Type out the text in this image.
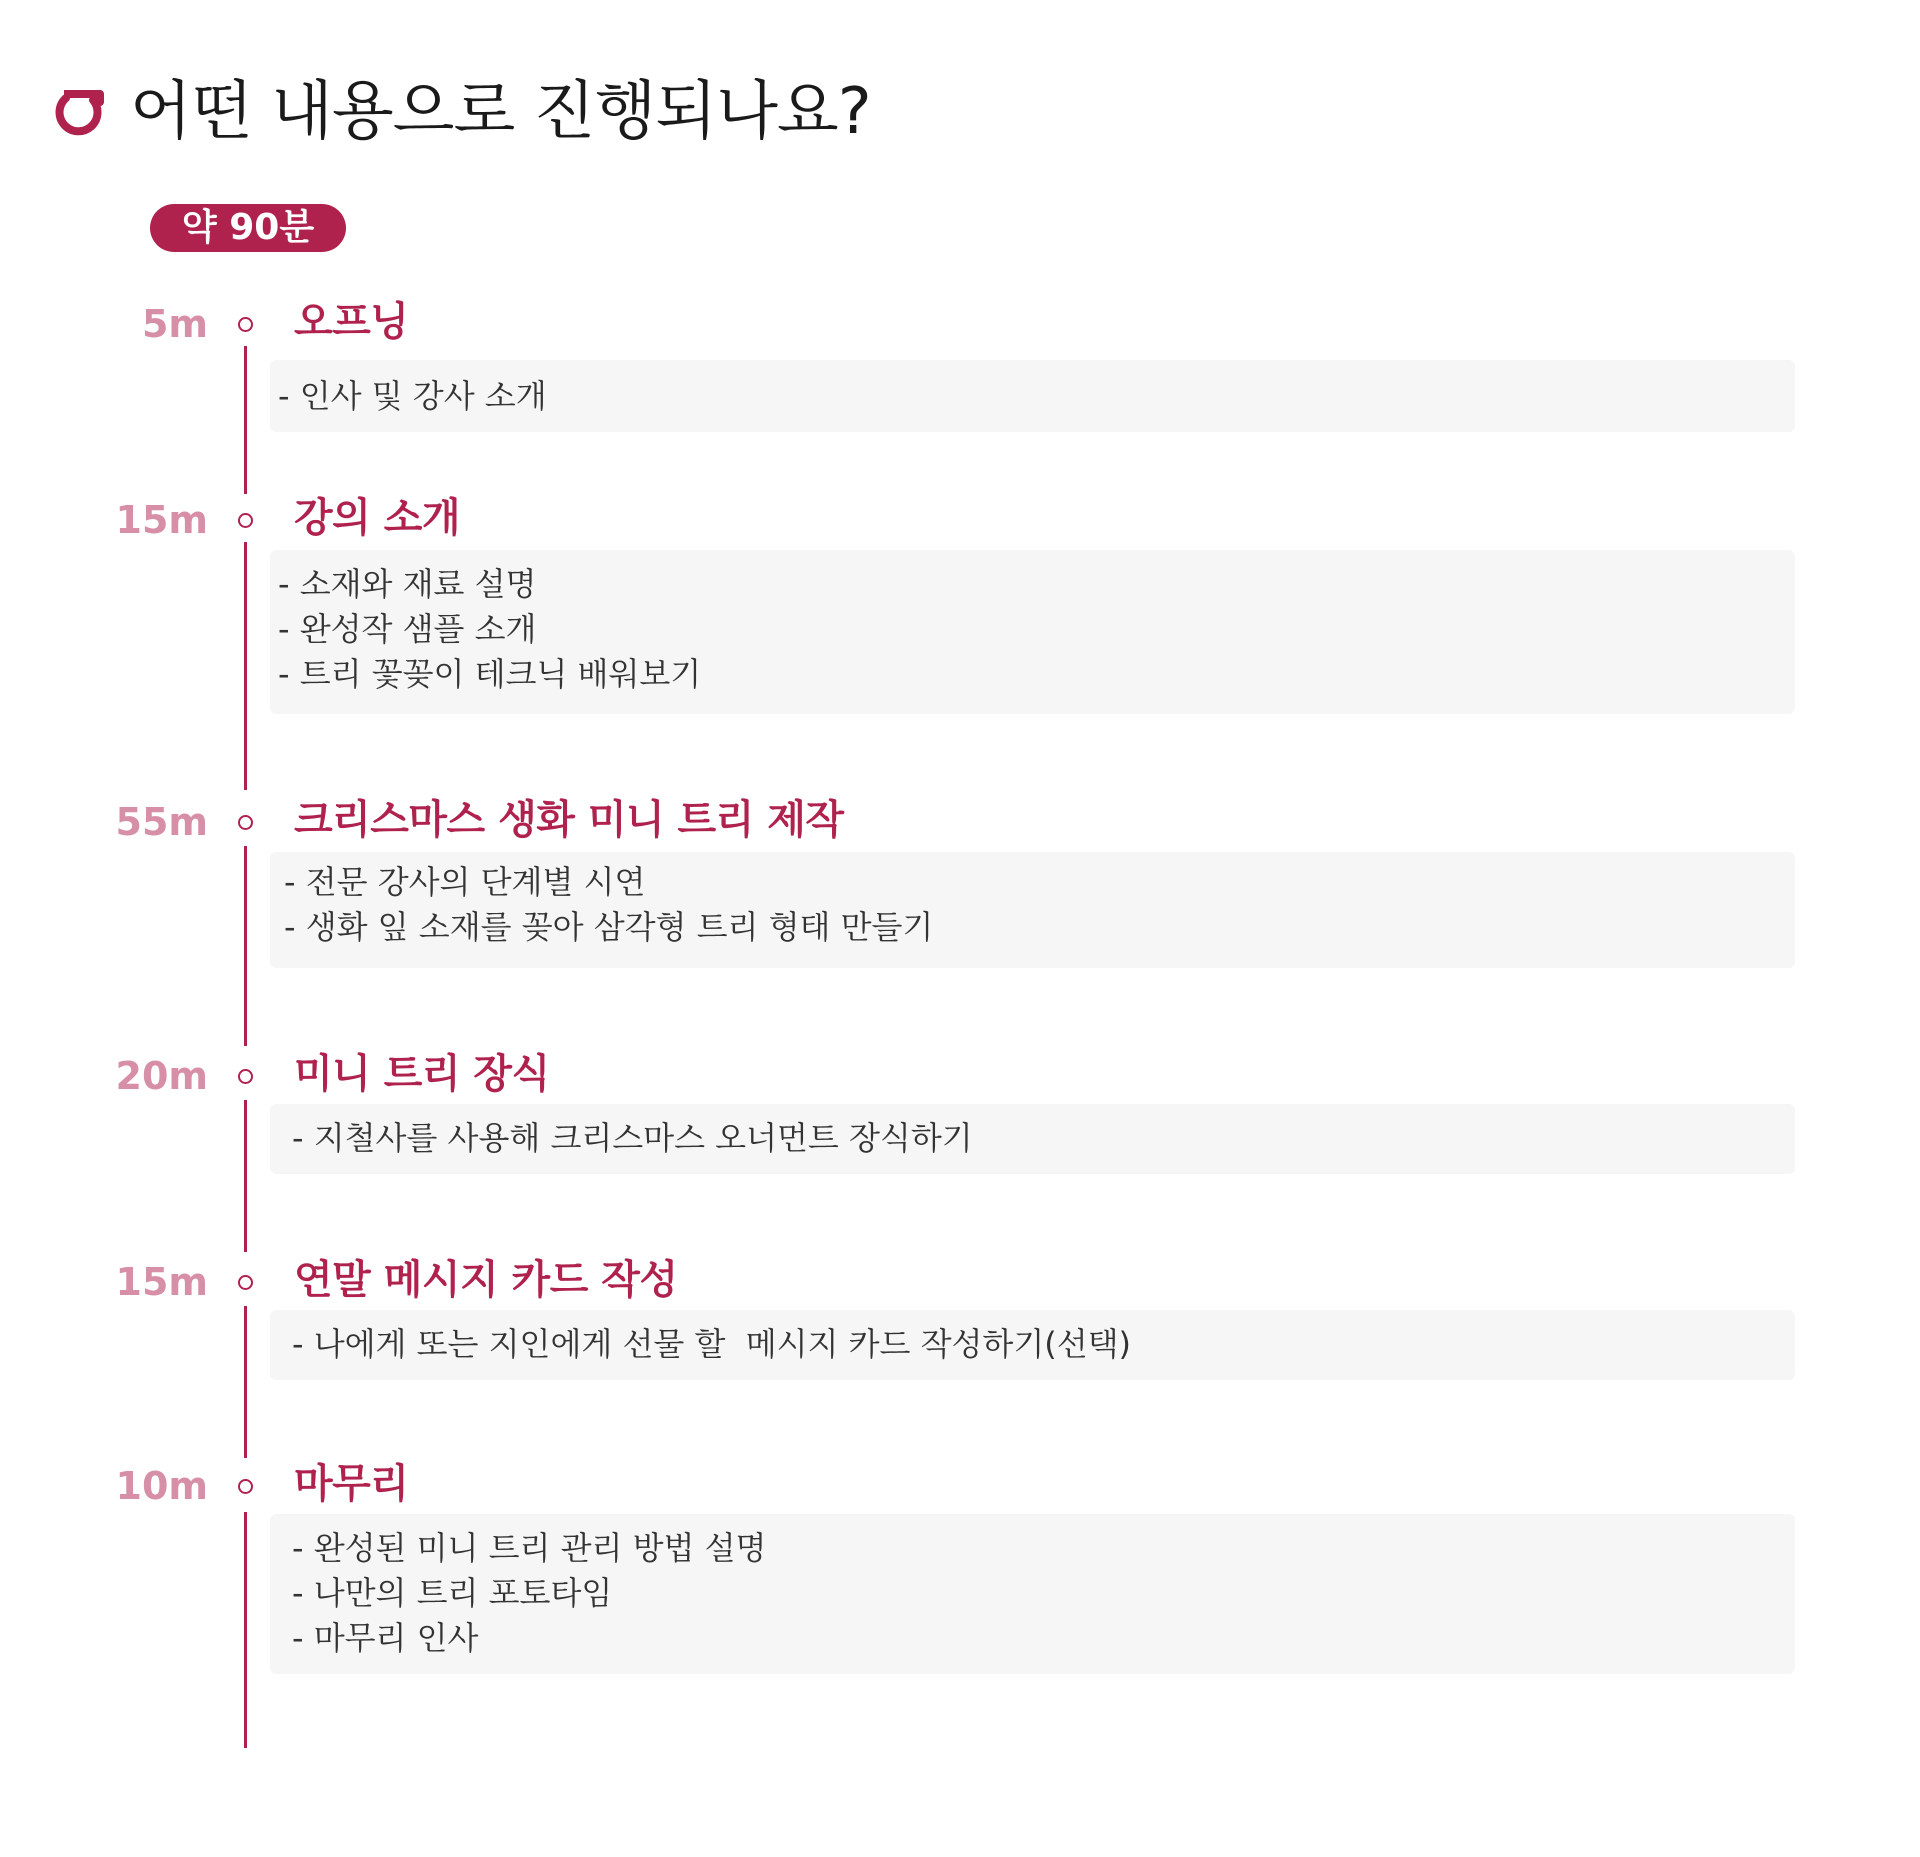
어떤 내용으로 진행되나요?
약 90분
5m 오프닝
- 인사 및 강사 소개
15m 강의 소개
- 소재와 재료 설명
- 완성작 샘플 소개
- 트리 꽃꽂이 테크닉 배워보기
55m 크리스마스 생화 미니 트리 제작
- 전문 강사의 단계별 시연
- 생화 잎 소재를 꽂아 삼각형 트리 형태 만들기
20m 미니 트리 장식
- 지철사를 사용해 크리스마스 오너먼트 장식하기
15m 연말 메시지 카드 작성
- 나에게 또는 지인에게 선물 할  메시지 카드 작성하기(선택)
10m 마무리
- 완성된 미니 트리 관리 방법 설명
- 나만의 트리 포토타임
- 마무리 인사
